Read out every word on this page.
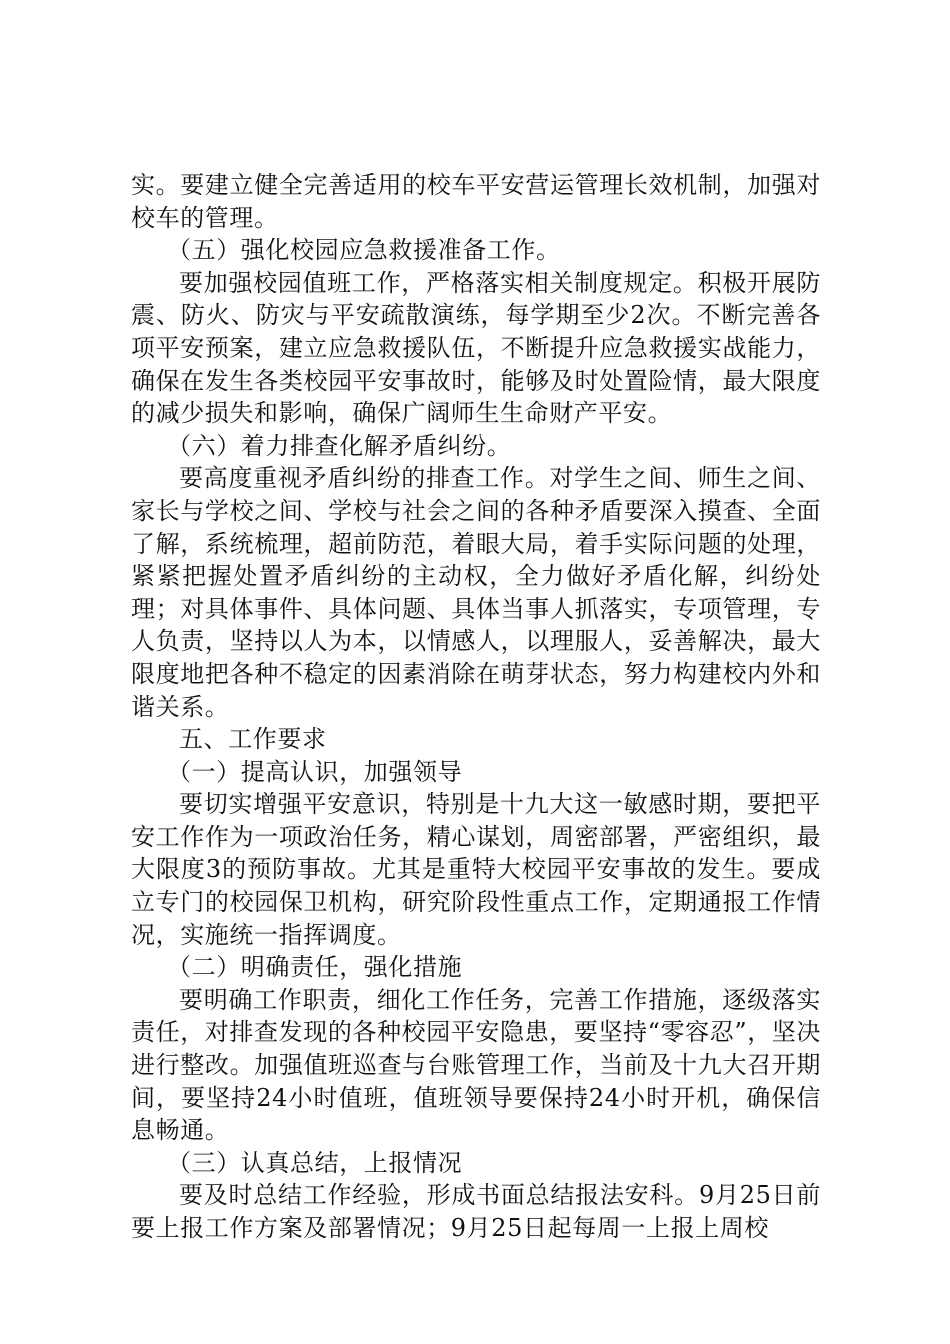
实。要建立健全完善适用的校车平安营运管理长效机制，加强对校车的管理。

（五）强化校园应急救援准备工作。

要加强校园值班工作，严格落实相关制度规定。积极开展防震、防火、防灾与平安疏散演练，每学期至少2次。不断完善各项平安预案，建立应急救援队伍，不断提升应急救援实战能力，确保在发生各类校园平安事故时，能够及时处置险情，最大限度的减少损失和影响，确保广阔师生生命财产平安。

（六）着力排查化解矛盾纠纷。

要高度重视矛盾纠纷的排查工作。对学生之间、师生之间、家长与学校之间、学校与社会之间的各种矛盾要深入摸查、全面了解，系统梳理，超前防范，着眼大局，着手实际问题的处理，紧紧把握处置矛盾纠纷的主动权，全力做好矛盾化解，纠纷处理；对具体事件、具体问题、具体当事人抓落实，专项管理，专人负责，坚持以人为本，以情感人，以理服人，妥善解决，最大限度地把各种不稳定的因素消除在萌芽状态，努力构建校内外和谐关系。

五、工作要求

（一）提高认识，加强领导

要切实增强平安意识，特别是十九大这一敏感时期，要把平安工作作为一项政治任务，精心谋划，周密部署，严密组织，最大限度3的预防事故。尤其是重特大校园平安事故的发生。要成立专门的校园保卫机构，研究阶段性重点工作，定期通报工作情况，实施统一指挥调度。

（二）明确责任，强化措施

要明确工作职责，细化工作任务，完善工作措施，逐级落实责任，对排查发现的各种校园平安隐患，要坚持“零容忍”，坚决进行整改。加强值班巡查与台账管理工作，当前及十九大召开期间，要坚持24小时值班，值班领导要保持24小时开机，确保信息畅通。

（三）认真总结，上报情况

要及时总结工作经验，形成书面总结报法安科。9月25日前要上报工作方案及部署情况；9月25日起每周一上报上周校
